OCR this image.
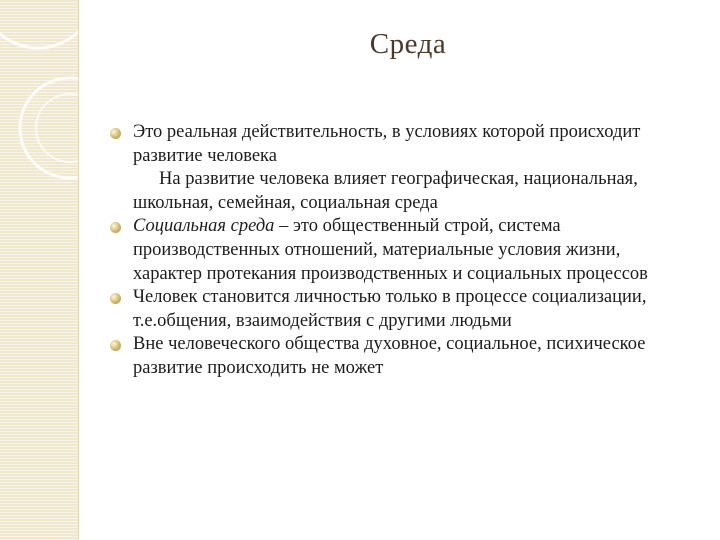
Среда
Это реальная действительность, в условиях которой происходит развитие человека
На развитие человека влияет географическая, национальная, школьная, семейная, социальная среда
Социальная среда – это общественный строй, система производственных отношений, материальные условия жизни, характер протекания производственных и социальных процессов
Человек становится личностью только в процессе социализации, т.е.общения, взаимодействия с другими людьми
Вне человеческого общества духовное, социальное, психическое развитие происходить не может
